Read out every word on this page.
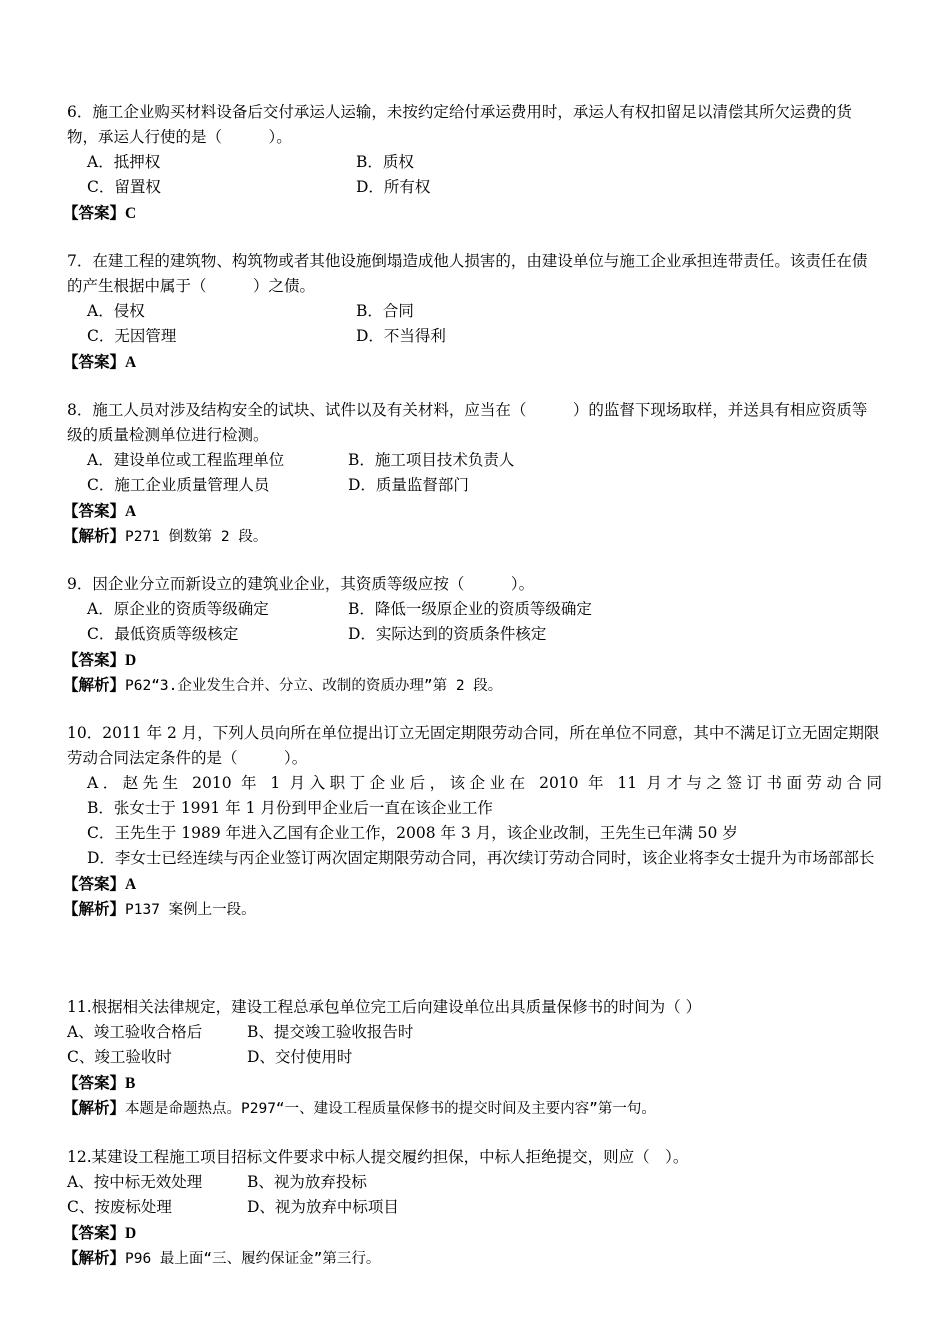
6．施工企业购买材料设备后交付承运人运输，未按约定给付承运费用时，承运人有权扣留足以清偿其所欠运费的货物，承运人行使的是（　　　）。
A．抵押权	B．质权
C．留置权	D．所有权
【答案】C
7．在建工程的建筑物、构筑物或者其他设施倒塌造成他人损害的，由建设单位与施工企业承担连带责任。该责任在债的产生根据中属于（　　　）之债。
A．侵权	B．合同
C．无因管理	D．不当得利
【答案】A
8．施工人员对涉及结构安全的试块、试件以及有关材料，应当在（　　　）的监督下现场取样，并送具有相应资质等级的质量检测单位进行检测。
A．建设单位或工程监理单位	B．施工项目技术负责人
C．施工企业质量管理人员	D．质量监督部门
【答案】A
【解析】P271 倒数第 2 段。
9．因企业分立而新设立的建筑业企业，其资质等级应按（　　　）。
A．原企业的资质等级确定	B．降低一级原企业的资质等级确定
C．最低资质等级核定	D．实际达到的资质条件核定
【答案】D
【解析】P62“3.企业发生合并、分立、改制的资质办理”第 2 段。
10．2011 年 2 月，下列人员向所在单位提出订立无固定期限劳动合同，所在单位不同意，其中不满足订立无固定期限劳动合同法定条件的是（　　　）。
A．赵先生 2010 年 1 月入职丁企业后，该企业在 2010 年 11 月才与之签订书面劳动合同
B．张女士于 1991 年 1 月份到甲企业后一直在该企业工作
C．王先生于 1989 年进入乙国有企业工作，2008 年 3 月，该企业改制，王先生已年满 50 岁
D．李女士已经连续与丙企业签订两次固定期限劳动合同，再次续订劳动合同时，该企业将李女士提升为市场部部长
【答案】A
【解析】P137 案例上一段。
11.根据相关法律规定，建设工程总承包单位完工后向建设单位出具质量保修书的时间为（ ）
A、竣工验收合格后	B、提交竣工验收报告时
C、竣工验收时	D、交付使用时
【答案】B
【解析】本题是命题热点。P297“一、建设工程质量保修书的提交时间及主要内容”第一句。
12.某建设工程施工项目招标文件要求中标人提交履约担保，中标人拒绝提交，则应（　）。
A、按中标无效处理	B、视为放弃投标
C、按废标处理	D、视为放弃中标项目
【答案】D
【解析】P96 最上面“三、履约保证金”第三行。
